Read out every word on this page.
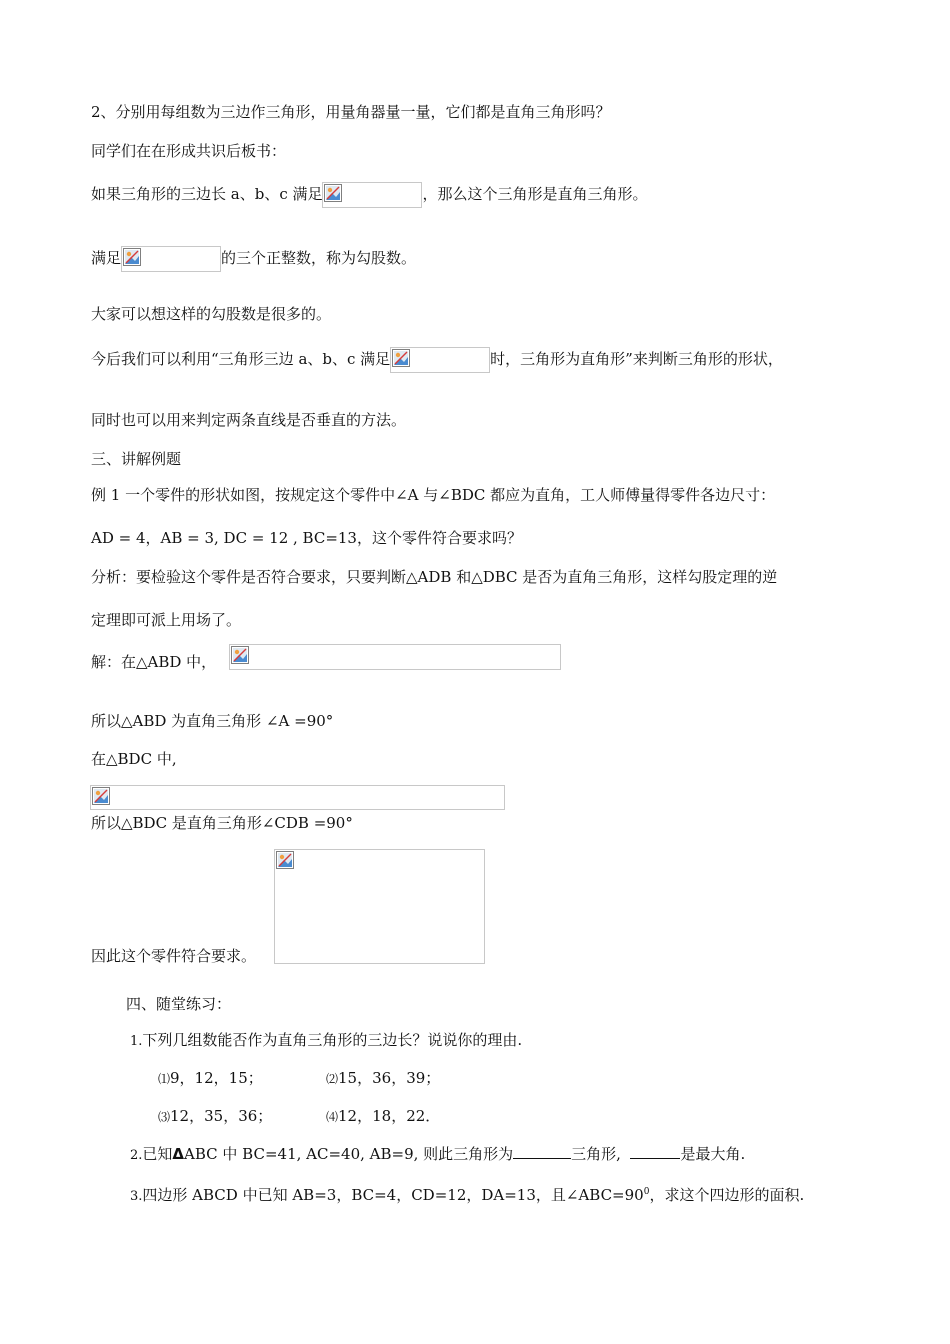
2、分别用每组数为三边作三角形，用量角器量一量，它们都是直角三角形吗？
同学们在在形成共识后板书：
如果三角形的三边长 a、b、c 满足	，那么这个三角形是直角三角形。
满足	的三个正整数，称为勾股数。
大家可以想这样的勾股数是很多的。
今后我们可以利用“三角形三边 a、b、c 满足	时，三角形为直角形”来判断三角形的形状，
同时也可以用来判定两条直线是否垂直的方法。
三、讲解例题
例 1 一个零件的形状如图，按规定这个零件中∠A 与∠BDC 都应为直角，工人师傅量得零件各边尺寸：
AD = 4，AB = 3, DC = 12 , BC=13，这个零件符合要求吗？
分析：要检验这个零件是否符合要求，只要判断△ADB 和△DBC 是否为直角三角形，这样勾股定理的逆
定理即可派上用场了。
解：在△ABD 中，
所以△ABD 为直角三角形 ∠A =90°
在△BDC 中,
所以△BDC 是直角三角形∠CDB =90°
因此这个零件符合要求。
四、随堂练习：
1.下列几组数能否作为直角三角形的三边长？说说你的理由.
⑴9，12，15；	⑵15，36，39；
⑶12，35，36；	⑷12，18，22．
2.已知ΔABC 中 BC=41, AC=40, AB=9, 则此三角形为	三角形,	是最大角.
3.四边形 ABCD 中已知 AB=3，BC=4，CD=12，DA=13，且$\angle ABC=90^0$，求这个四边形的面积.
